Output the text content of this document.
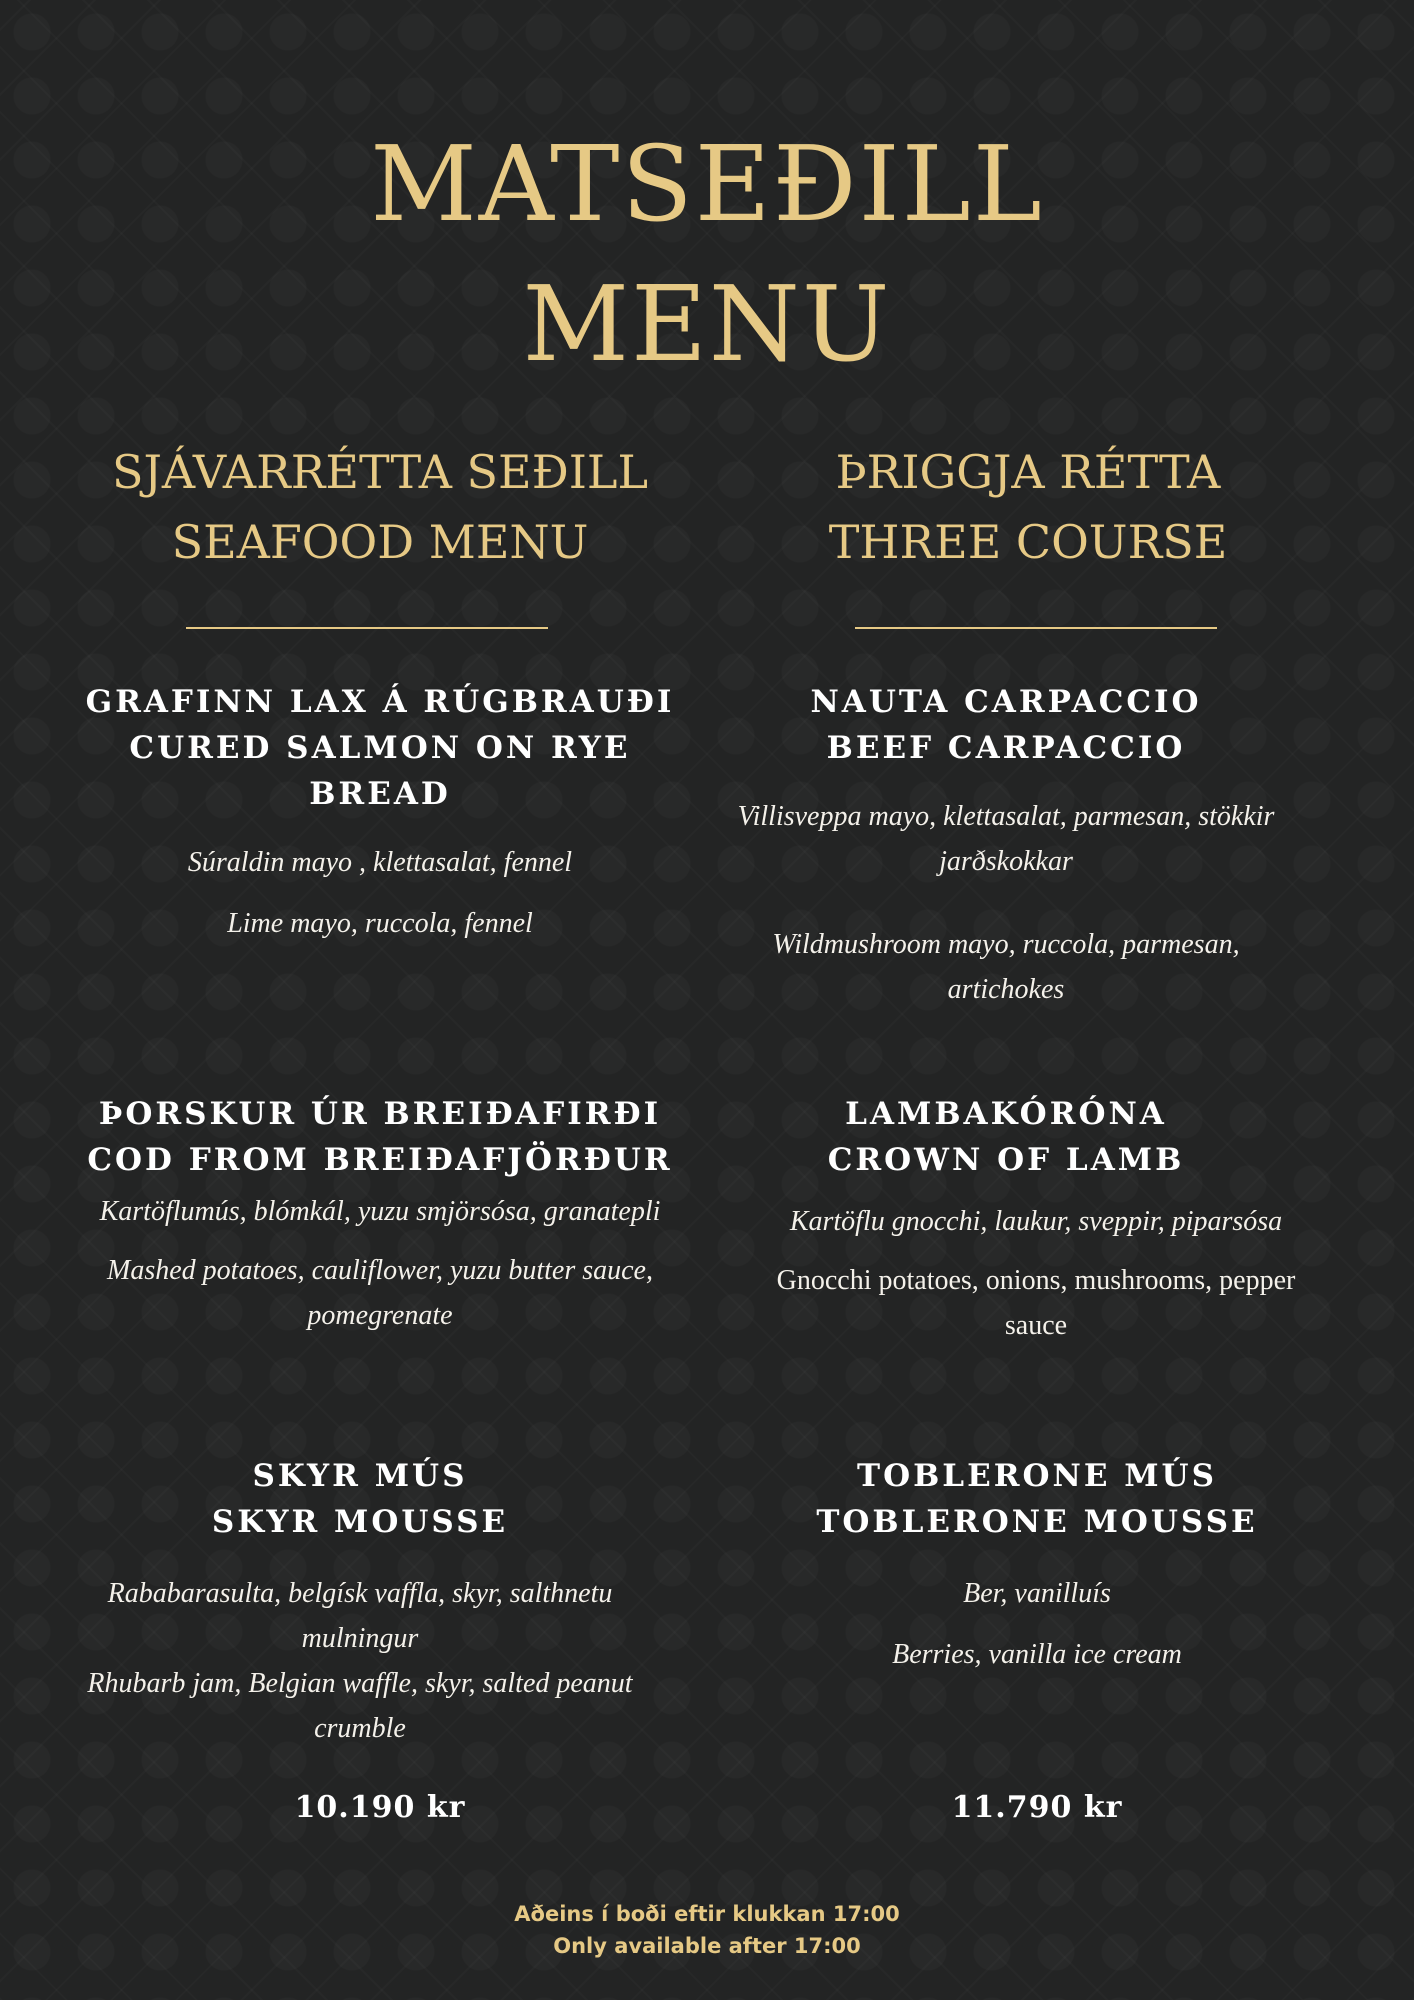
MATSEÐILL
MENU
SJÁVARRÉTTA SEÐILL
SEAFOOD MENU
ÞRIGGJA RÉTTA
THREE COURSE
GRAFINN LAX Á RÚGBRAUÐI
CURED SALMON ON RYE BREAD
Súraldin mayo , klettasalat, fennel
Lime mayo, ruccola, fennel
ÞORSKUR ÚR BREIÐAFIRÐI
COD FROM BREIÐAFJÖRÐUR
Kartöflumús, blómkál, yuzu smjörsósa, granatepli
Mashed potatoes, cauliflower, yuzu butter sauce, pomegrenate
SKYR MÚS
SKYR MOUSSE
Rababarasulta, belgísk vaffla, skyr, salthnetu mulningur
Rhubarb jam, Belgian waffle, skyr, salted peanut crumble
10.190 kr
NAUTA CARPACCIO
BEEF CARPACCIO
Villisveppa mayo, klettasalat, parmesan, stökkir jarðskokkar
Wildmushroom mayo, ruccola, parmesan, artichokes
LAMBAKÓRÓNA
CROWN OF LAMB
Kartöflu gnocchi, laukur, sveppir, piparsósa
Gnocchi potatoes, onions, mushrooms, pepper sauce
TOBLERONE MÚS
TOBLERONE MOUSSE
Ber, vanilluís
Berries, vanilla ice cream
11.790 kr
Aðeins í boði eftir klukkan 17:00
Only available after 17:00
